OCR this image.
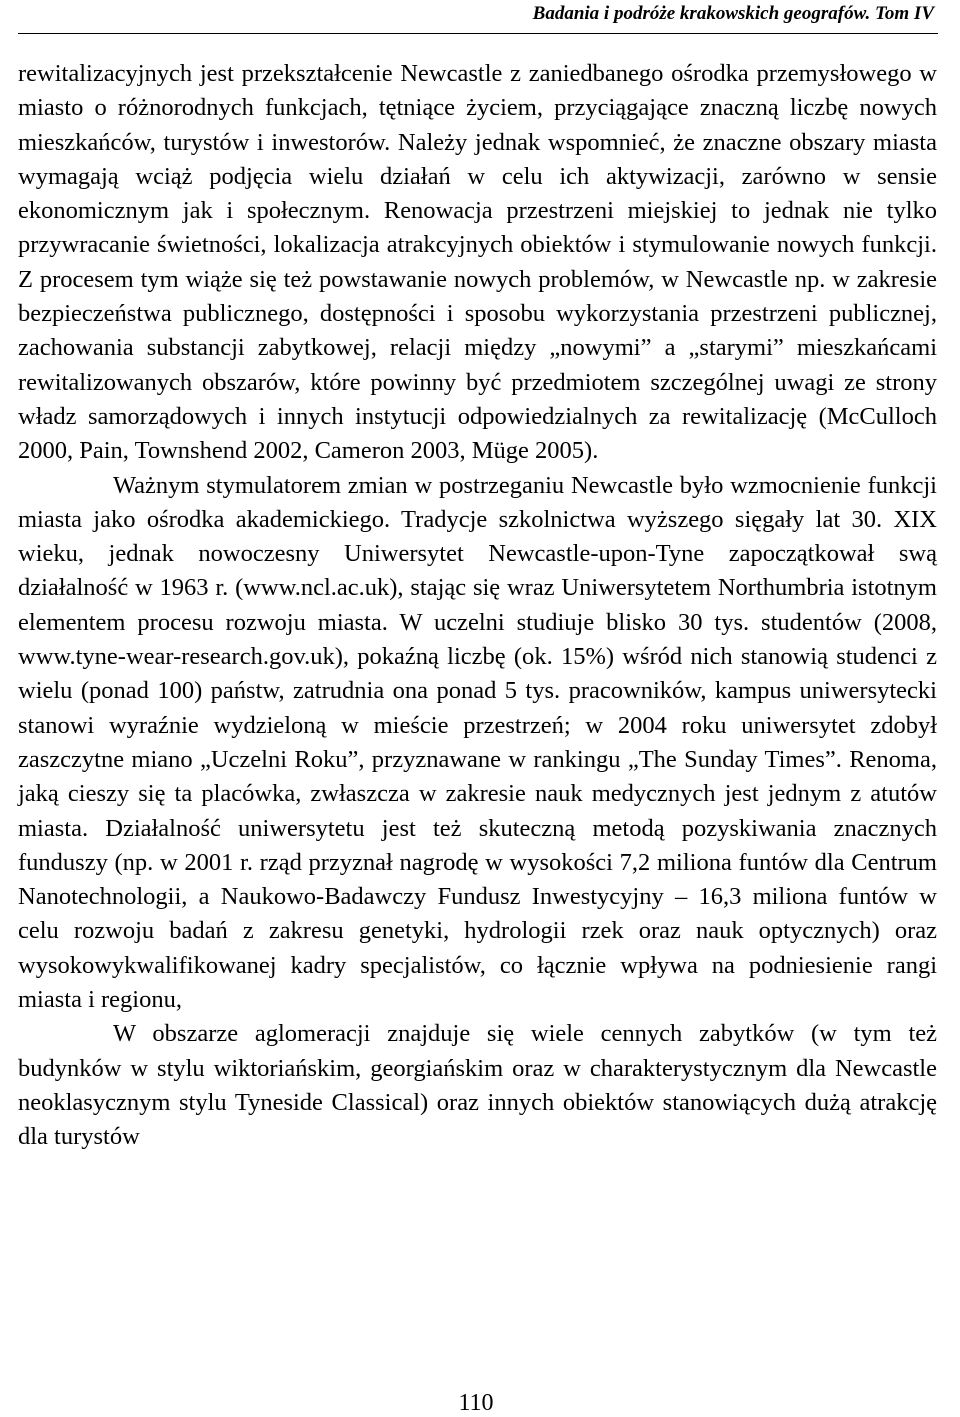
Badania i podróże krakowskich geografów. Tom IV

rewitalizacyjnych jest przekształcenie Newcastle z zaniedbanego ośrodka przemysłowego w miasto o różnorodnych funkcjach, tętniące życiem, przyciągające znaczną liczbę nowych mieszkańców, turystów i inwestorów. Należy jednak wspomnieć, że znaczne obszary miasta wymagają wciąż podjęcia wielu działań w celu ich aktywizacji, zarówno w sensie ekonomicznym jak i społecznym. Renowacja przestrzeni miejskiej to jednak nie tylko przywracanie świetności, lokalizacja atrakcyjnych obiektów i stymulowanie nowych funkcji. Z procesem tym wiąże się też powstawanie nowych problemów, w Newcastle np. w zakresie bezpieczeństwa publicznego, dostępności i sposobu wykorzystania przestrzeni publicznej, zachowania substancji zabytkowej, relacji między „nowymi” a „starymi” mieszkańcami rewitalizowanych obszarów, które powinny być przedmiotem szczególnej uwagi ze strony władz samorządowych i innych instytucji odpowiedzialnych za rewitalizację (McCulloch 2000, Pain, Townshend 2002, Cameron 2003, Müge 2005).

Ważnym stymulatorem zmian w postrzeganiu Newcastle było wzmocnienie funkcji miasta jako ośrodka akademickiego. Tradycje szkolnictwa wyższego sięgały lat 30. XIX wieku, jednak nowoczesny Uniwersytet Newcastle-upon-Tyne zapoczątkował swą działalność w 1963 r. (www.ncl.ac.uk), stając się wraz Uniwersytetem Northumbria istotnym elementem procesu rozwoju miasta. W uczelni studiuje blisko 30 tys. studentów (2008, www.tyne-wear-research.gov.uk), pokaźną liczbę (ok. 15%) wśród nich stanowią studenci z wielu (ponad 100) państw, zatrudnia ona ponad 5 tys. pracowników, kampus uniwersytecki stanowi wyraźnie wydzieloną w mieście przestrzeń; w 2004 roku uniwersytet zdobył zaszczytne miano „Uczelni Roku”, przyznawane w rankingu „The Sunday Times”. Renoma, jaką cieszy się ta placówka, zwłaszcza w zakresie nauk medycznych jest jednym z atutów miasta. Działalność uniwersytetu jest też skuteczną metodą pozyskiwania znacznych funduszy (np. w 2001 r. rząd przyznał nagrodę w wysokości 7,2 miliona funtów dla Centrum Nanotechnologii, a Naukowo-Badawczy Fundusz Inwestycyjny – 16,3 miliona funtów w celu rozwoju badań z zakresu genetyki, hydrologii rzek oraz nauk optycznych) oraz wysokowykwalifikowanej kadry specjalistów, co łącznie wpływa na podniesienie rangi miasta i regionu,

W obszarze aglomeracji znajduje się wiele cennych zabytków (w tym też budynków w stylu wiktoriańskim, georgiańskim oraz w charakterystycznym dla Newcastle neoklasycznym stylu Tyneside Classical) oraz innych obiektów stanowiących dużą atrakcję dla turystów

110
